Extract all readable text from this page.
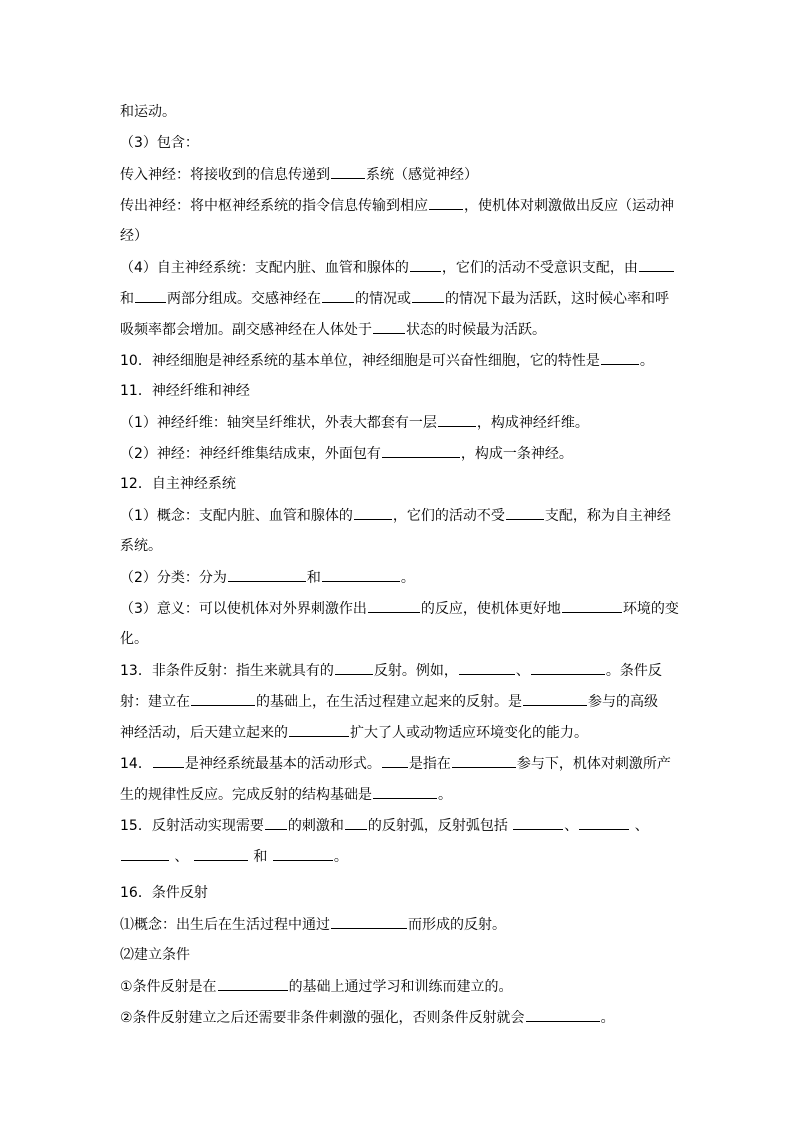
和运动。
（3）包含：
传入神经：将接收到的信息传递到	系统（感觉神经）
传出神经：将中枢神经系统的指令信息传输到相应	，使机体对刺激做出反应（运动神
经）
（4）自主神经系统：支配内脏、血管和腺体的 ，它们的活动不受意识支配，由
和 两部分组成。交感神经在 的情况或 的情况下最为活跃，这时候心率和呼
吸频率都会增加。副交感神经在人体处于 状态的时候最为活跃。
10．神经细胞是神经系统的基本单位，神经细胞是可兴奋性细胞，它的特性是	。
11．神经纤维和神经
（1）神经纤维：轴突呈纤维状，外表大都套有一层	，构成神经纤维。
（2）神经：神经纤维集结成束，外面包有	，构成一条神经。
12．自主神经系统
（1）概念：支配内脏、血管和腺体的	，它们的活动不受	支配，称为自主神经
系统。
（2）分类：分为	和	。
（3）意义：可以使机体对外界刺激作出	的反应，使机体更好地	环境的变
化。
13．非条件反射：指生来就具有的	反射。例如，	、	。条件反
射：建立在	的基础上，在生活过程建立起来的反射。是	参与的高级
神经活动，后天建立起来的	扩大了人或动物适应环境变化的能力。
14． 是神经系统最基本的活动形式。 是指在	参与下，机体对刺激所产
生的规律性反应。完成反射的结构基础是	。
15．反射活动实现需要 的刺激和 的反射弧，反射弧包括	、	、
、	和	。
16．条件反射
⑴概念：出生后在生活过程中通过	而形成的反射。
⑵建立条件
①条件反射是在	的基础上通过学习和训练而建立的。
②条件反射建立之后还需要非条件刺激的强化，否则条件反射就会	。
